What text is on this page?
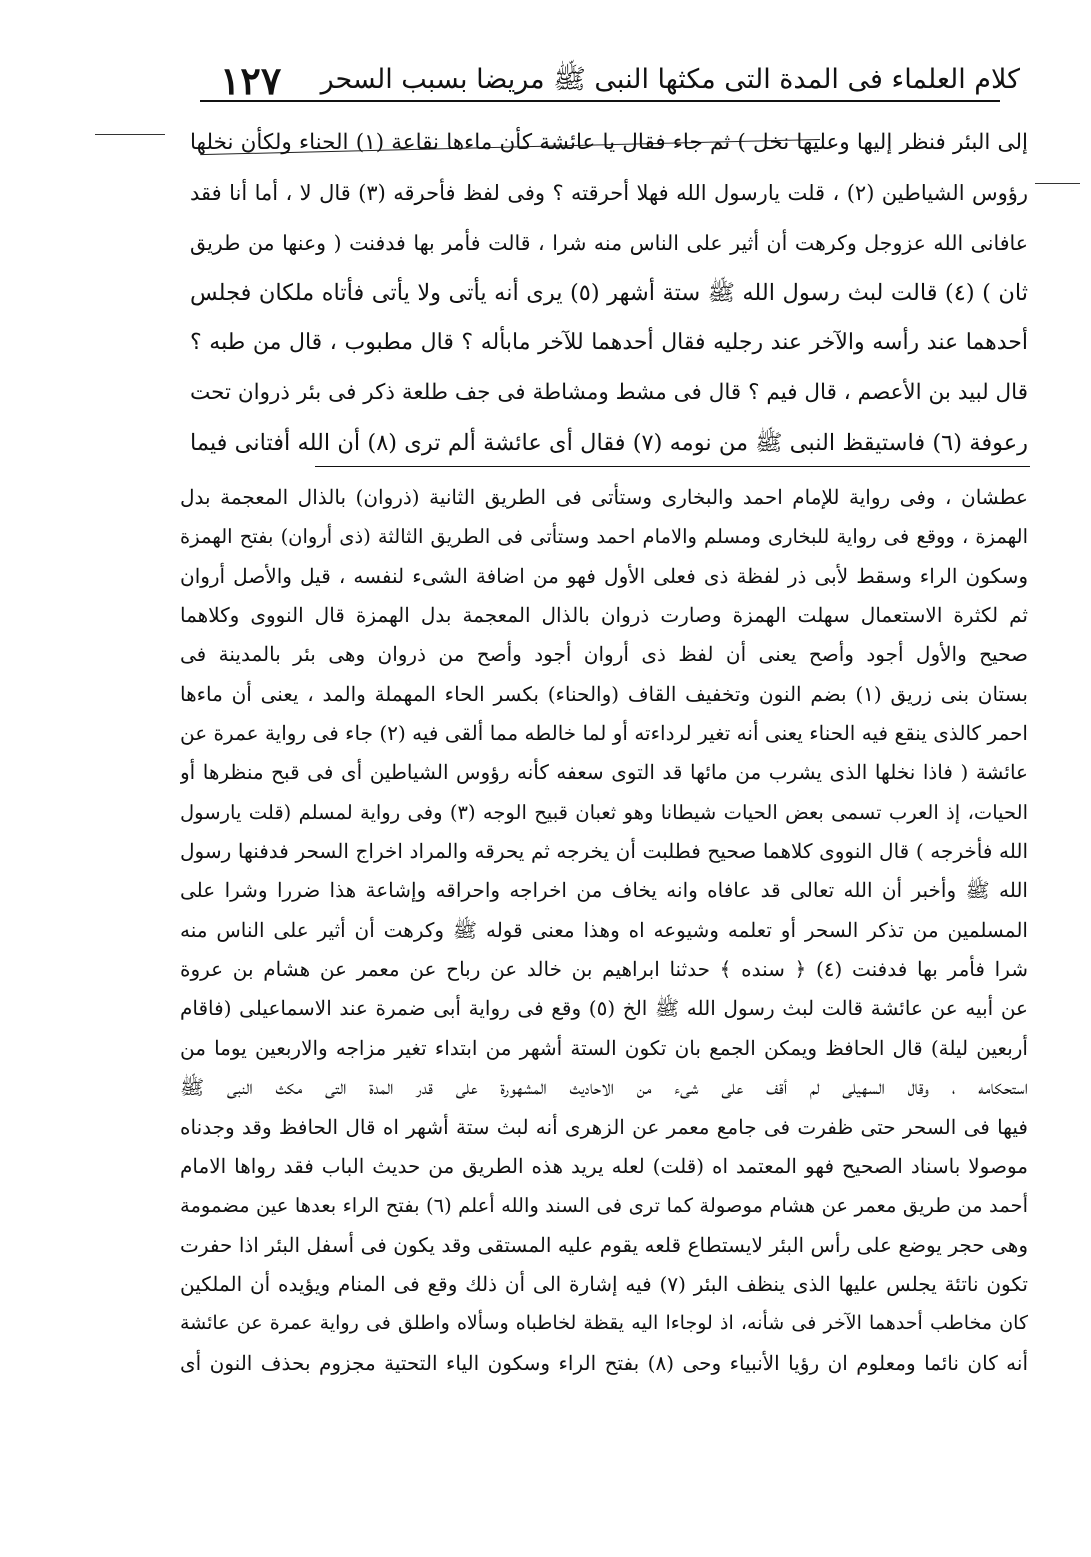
كلام العلماء فى المدة التى مكثها النبى ﷺ مريضا بسبب السحر
١٢٧
إلى البئر فنظر إليها وعليها نخل ) ثم جاء فقال يا عائشة كأن ماءها نقاعة (١) الحناء ولكأن نخلها
رؤوس الشياطين (٢) ، قلت يارسول الله فهلا أحرقته ؟ وفى لفظ فأحرقه (٣) قال لا ، أما أنا فقد
عافانى الله عزوجل وكرهت أن أثير على الناس منه شرا ، قالت فأمر بها فدفنت ( وعنها من طريق
ثان ) (٤) قالت لبث رسول الله ﷺ ستة أشهر (٥) يرى أنه يأتى ولا يأتى فأتاه ملكان فجلس
أحدهما عند رأسه والآخر عند رجليه فقال أحدهما للآخر مابأله ؟ قال مطبوب ، قال من طبه ؟
قال لبيد بن الأعصم ، قال فيم ؟ قال فى مشط ومشاطة فى جف طلعة ذكر فى بئر ذروان تحت
رعوفة (٦) فاستيقظ النبى ﷺ من نومه (٧) فقال أى عائشة ألم ترى (٨) أن الله أفتانى فيما
عطشان ، وفى رواية للإمام احمد والبخارى وستأتى فى الطريق الثانية (ذروان) بالذال المعجمة بدل
الهمزة ، ووقع فى رواية للبخارى ومسلم والامام احمد وستأتى فى الطريق الثالثة (ذى أروان) بفتح الهمزة
وسكون الراء وسقط لأبى ذر لفظة ذى فعلى الأول فهو من اضافة الشىء لنفسه ، قيل والأصل أروان
ثم لكثرة الاستعمال سهلت الهمزة وصارت ذروان بالذال المعجمة بدل الهمزة قال النووى وكلاهما
صحيح والأول أجود وأصح يعنى أن لفظ ذى أروان أجود وأصح من ذروان وهى بئر بالمدينة فى
بستان بنى زريق (١) بضم النون وتخفيف القاف (والحناء) بكسر الحاء المهملة والمد ، يعنى أن ماءها
احمر كالذى ينقع فيه الحناء يعنى أنه تغير لرداءته أو لما خالطه مما ألقى فيه (٢) جاء فى رواية عمرة عن
عائشة ( فاذا نخلها الذى يشرب من مائها قد التوى سعفه كأنه رؤوس الشياطين أى فى قبح منظرها أو
الحيات، إذ العرب تسمى بعض الحيات شيطانا وهو ثعبان قبيح الوجه (٣) وفى رواية لمسلم (قلت يارسول
الله فأخرجه ) قال النووى كلاهما صحيح فطلبت أن يخرجه ثم يحرقه والمراد اخراج السحر فدفنها رسول
الله ﷺ وأخبر أن الله تعالى قد عافاه وانه يخاف من اخراجه واحراقه وإشاعة هذا ضررا وشرا على
المسلمين من تذكر السحر أو تعلمه وشيوعه اه وهذا معنى قوله ﷺ وكرهت أن أثير على الناس منه
شرا فأمر بها فدفنت (٤) ﴿ سنده ﴾ حدثنا ابراهيم بن خالد عن رباح عن معمر عن هشام بن عروة
عن أبيه عن عائشة قالت لبث رسول الله ﷺ الخ (٥) وقع فى رواية أبى ضمرة عند الاسماعيلى (فاقام
أربعين ليلة) قال الحافظ ويمكن الجمع بان تكون الستة أشهر من ابتداء تغير مزاجه والاربعين يوما من
استحكامه ، وقال السهيلى لم أقف على شىء من الاحاديث المشهورة على قدر المدة التى مكث النبى ﷺ
فيها فى السحر حتى ظفرت فى جامع معمر عن الزهرى أنه لبث ستة أشهر اه قال الحافظ وقد وجدناه
موصولا باسناد الصحيح فهو المعتمد اه (قلت) لعله يريد هذه الطريق من حديث الباب فقد رواها الامام
أحمد من طريق معمر عن هشام موصولة كما ترى فى السند والله أعلم (٦) بفتح الراء بعدها عين مضمومة
وهى حجر يوضع على رأس البئر لايستطاع قلعه يقوم عليه المستقى وقد يكون فى أسفل البئر اذا حفرت
تكون ناتئة يجلس عليها الذى ينظف البئر (٧) فيه إشارة الى أن ذلك وقع فى المنام ويؤيده أن الملكين
كان مخاطب أحدهما الآخر فى شأنه، اذ لوجاءا اليه يقظة لخاطباه وسألاه واطلق فى رواية عمرة عن عائشة
أنه كان نائما ومعلوم ان رؤيا الأنبياء وحى (٨) بفتح الراء وسكون الياء التحتية مجزوم بحذف النون أى
